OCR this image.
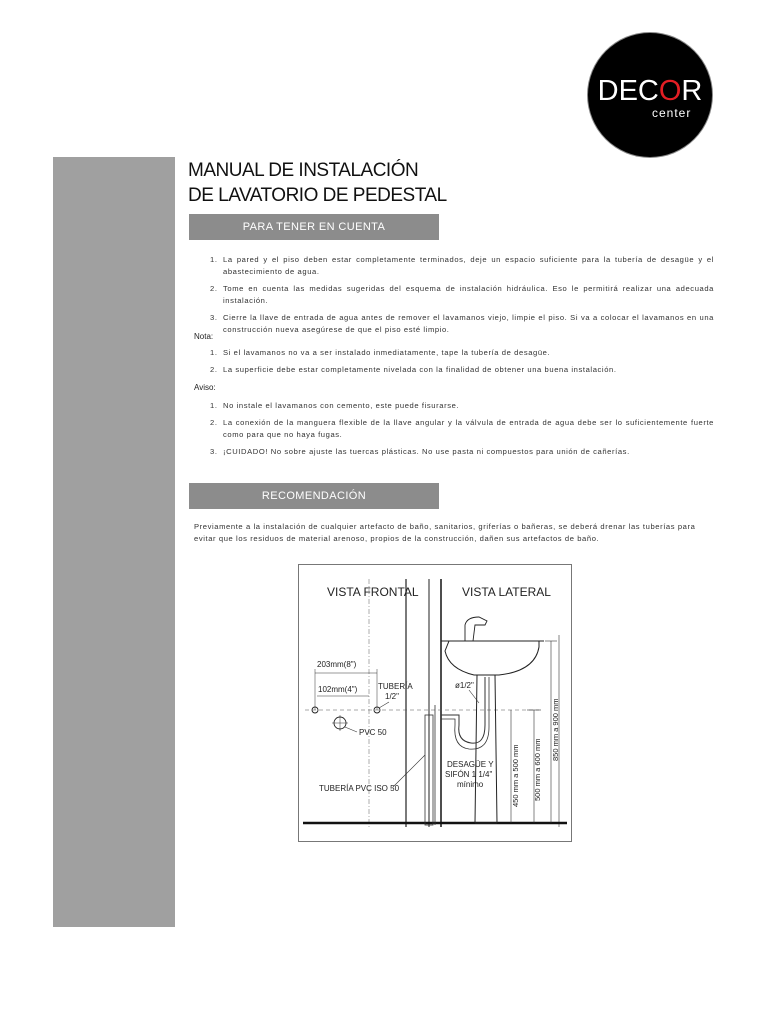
DECOR
center
MANUAL DE INSTALACIÓN
DE LAVATORIO DE PEDESTAL
PARA TENER EN CUENTA
1. La pared y el piso deben estar completamente terminados, deje un espacio suficiente para la tubería de desagüe y el abastecimiento de agua.
2. Tome en cuenta las medidas sugeridas del esquema de instalación hidráulica. Eso le permitirá realizar una adecuada instalación.
3. Cierre la llave de entrada de agua antes de remover el lavamanos viejo, limpie el piso. Si va a colocar el lavamanos en una construcción nueva asegúrese de que el piso esté limpio.
Nota:
1. Si el lavamanos no va a ser instalado inmediatamente, tape la tubería de desagüe.
2. La superficie debe estar completamente nivelada con la finalidad de obtener una buena instalación.
Aviso:
1. No instale el lavamanos con cemento, este puede fisurarse.
2. La conexión de la manguera flexible de la llave angular y la válvula de entrada de agua debe ser lo suficientemente fuerte como para que no haya fugas.
3. ¡CUIDADO! No sobre ajuste las tuercas plásticas. No use pasta ni compuestos para unión de cañerías.
RECOMENDACIÓN
Previamente a la instalación de cualquier artefacto de baño, sanitarios, griferías o bañeras, se deberá drenar las tuberías para evitar que los residuos de material arenoso, propios de la construcción, dañen sus artefactos de baño.
VISTA FRONTAL	VISTA LATERAL
203mm(8")
102mm(4")	TUBERÍA
1/2"
PVC 50
TUBERÍA PVC ISO 50
ø1/2"
DESAGÜE Y
SIFÓN 1 1/4"
mínimo	450 mm a 500 mm 500 mm a 600 mm
850 mm a 900 mm
